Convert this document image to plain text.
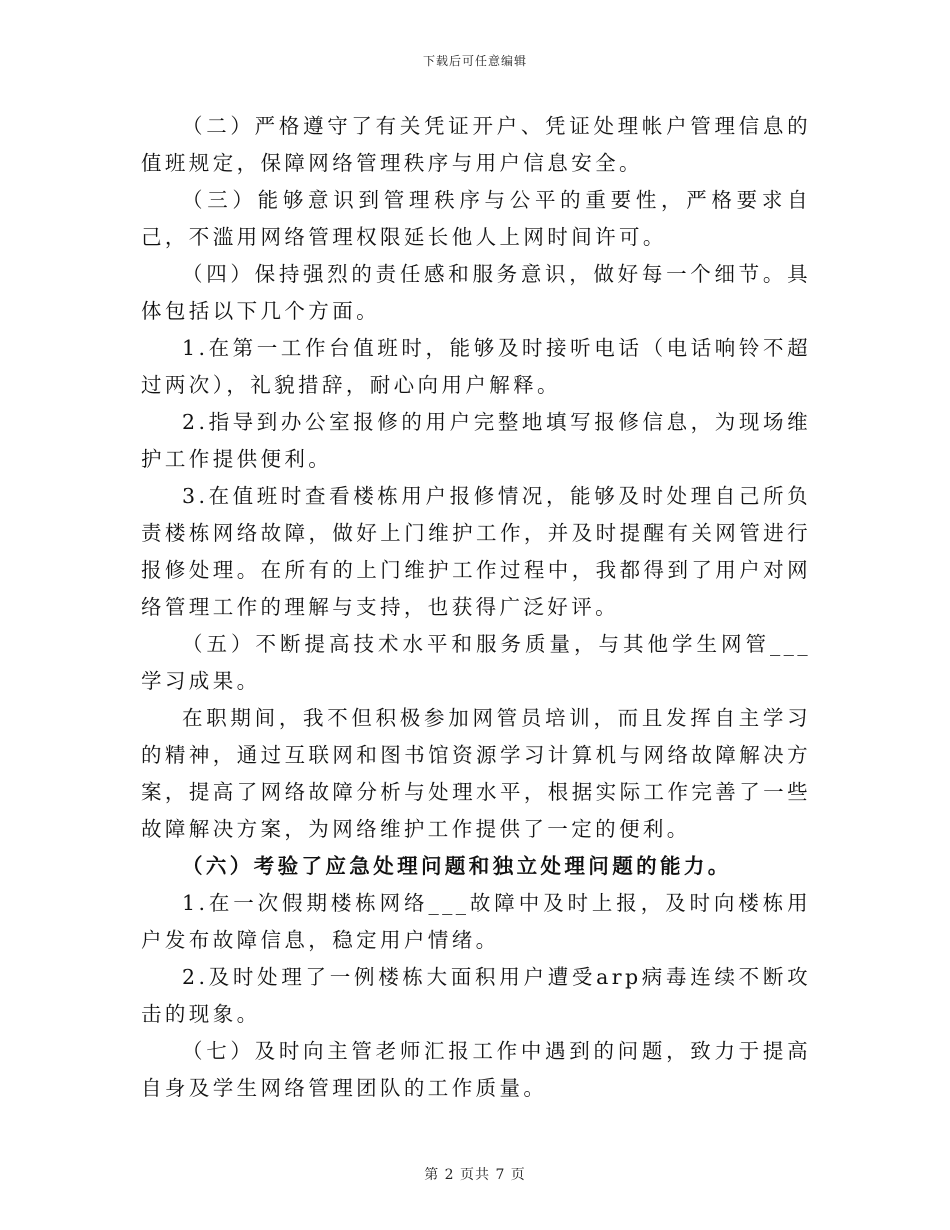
下载后可任意编辑

（二）严格遵守了有关凭证开户、凭证处理帐户管理信息的值班规定，保障网络管理秩序与用户信息安全。

（三）能够意识到管理秩序与公平的重要性，严格要求自己，不滥用网络管理权限延长他人上网时间许可。

（四）保持强烈的责任感和服务意识，做好每一个细节。具体包括以下几个方面。

1.在第一工作台值班时，能够及时接听电话（电话响铃不超过两次），礼貌措辞，耐心向用户解释。

2.指导到办公室报修的用户完整地填写报修信息，为现场维护工作提供便利。

3.在值班时查看楼栋用户报修情况，能够及时处理自己所负责楼栋网络故障，做好上门维护工作，并及时提醒有关网管进行报修处理。在所有的上门维护工作过程中，我都得到了用户对网络管理工作的理解与支持，也获得广泛好评。

（五）不断提高技术水平和服务质量，与其他学生网管___学习成果。

在职期间，我不但积极参加网管员培训，而且发挥自主学习的精神，通过互联网和图书馆资源学习计算机与网络故障解决方案，提高了网络故障分析与处理水平，根据实际工作完善了一些故障解决方案，为网络维护工作提供了一定的便利。

（六）考验了应急处理问题和独立处理问题的能力。

1.在一次假期楼栋网络___故障中及时上报，及时向楼栋用户发布故障信息，稳定用户情绪。

2.及时处理了一例楼栋大面积用户遭受arp病毒连续不断攻击的现象。

（七）及时向主管老师汇报工作中遇到的问题，致力于提高自身及学生网络管理团队的工作质量。

第 2 页共 7 页
